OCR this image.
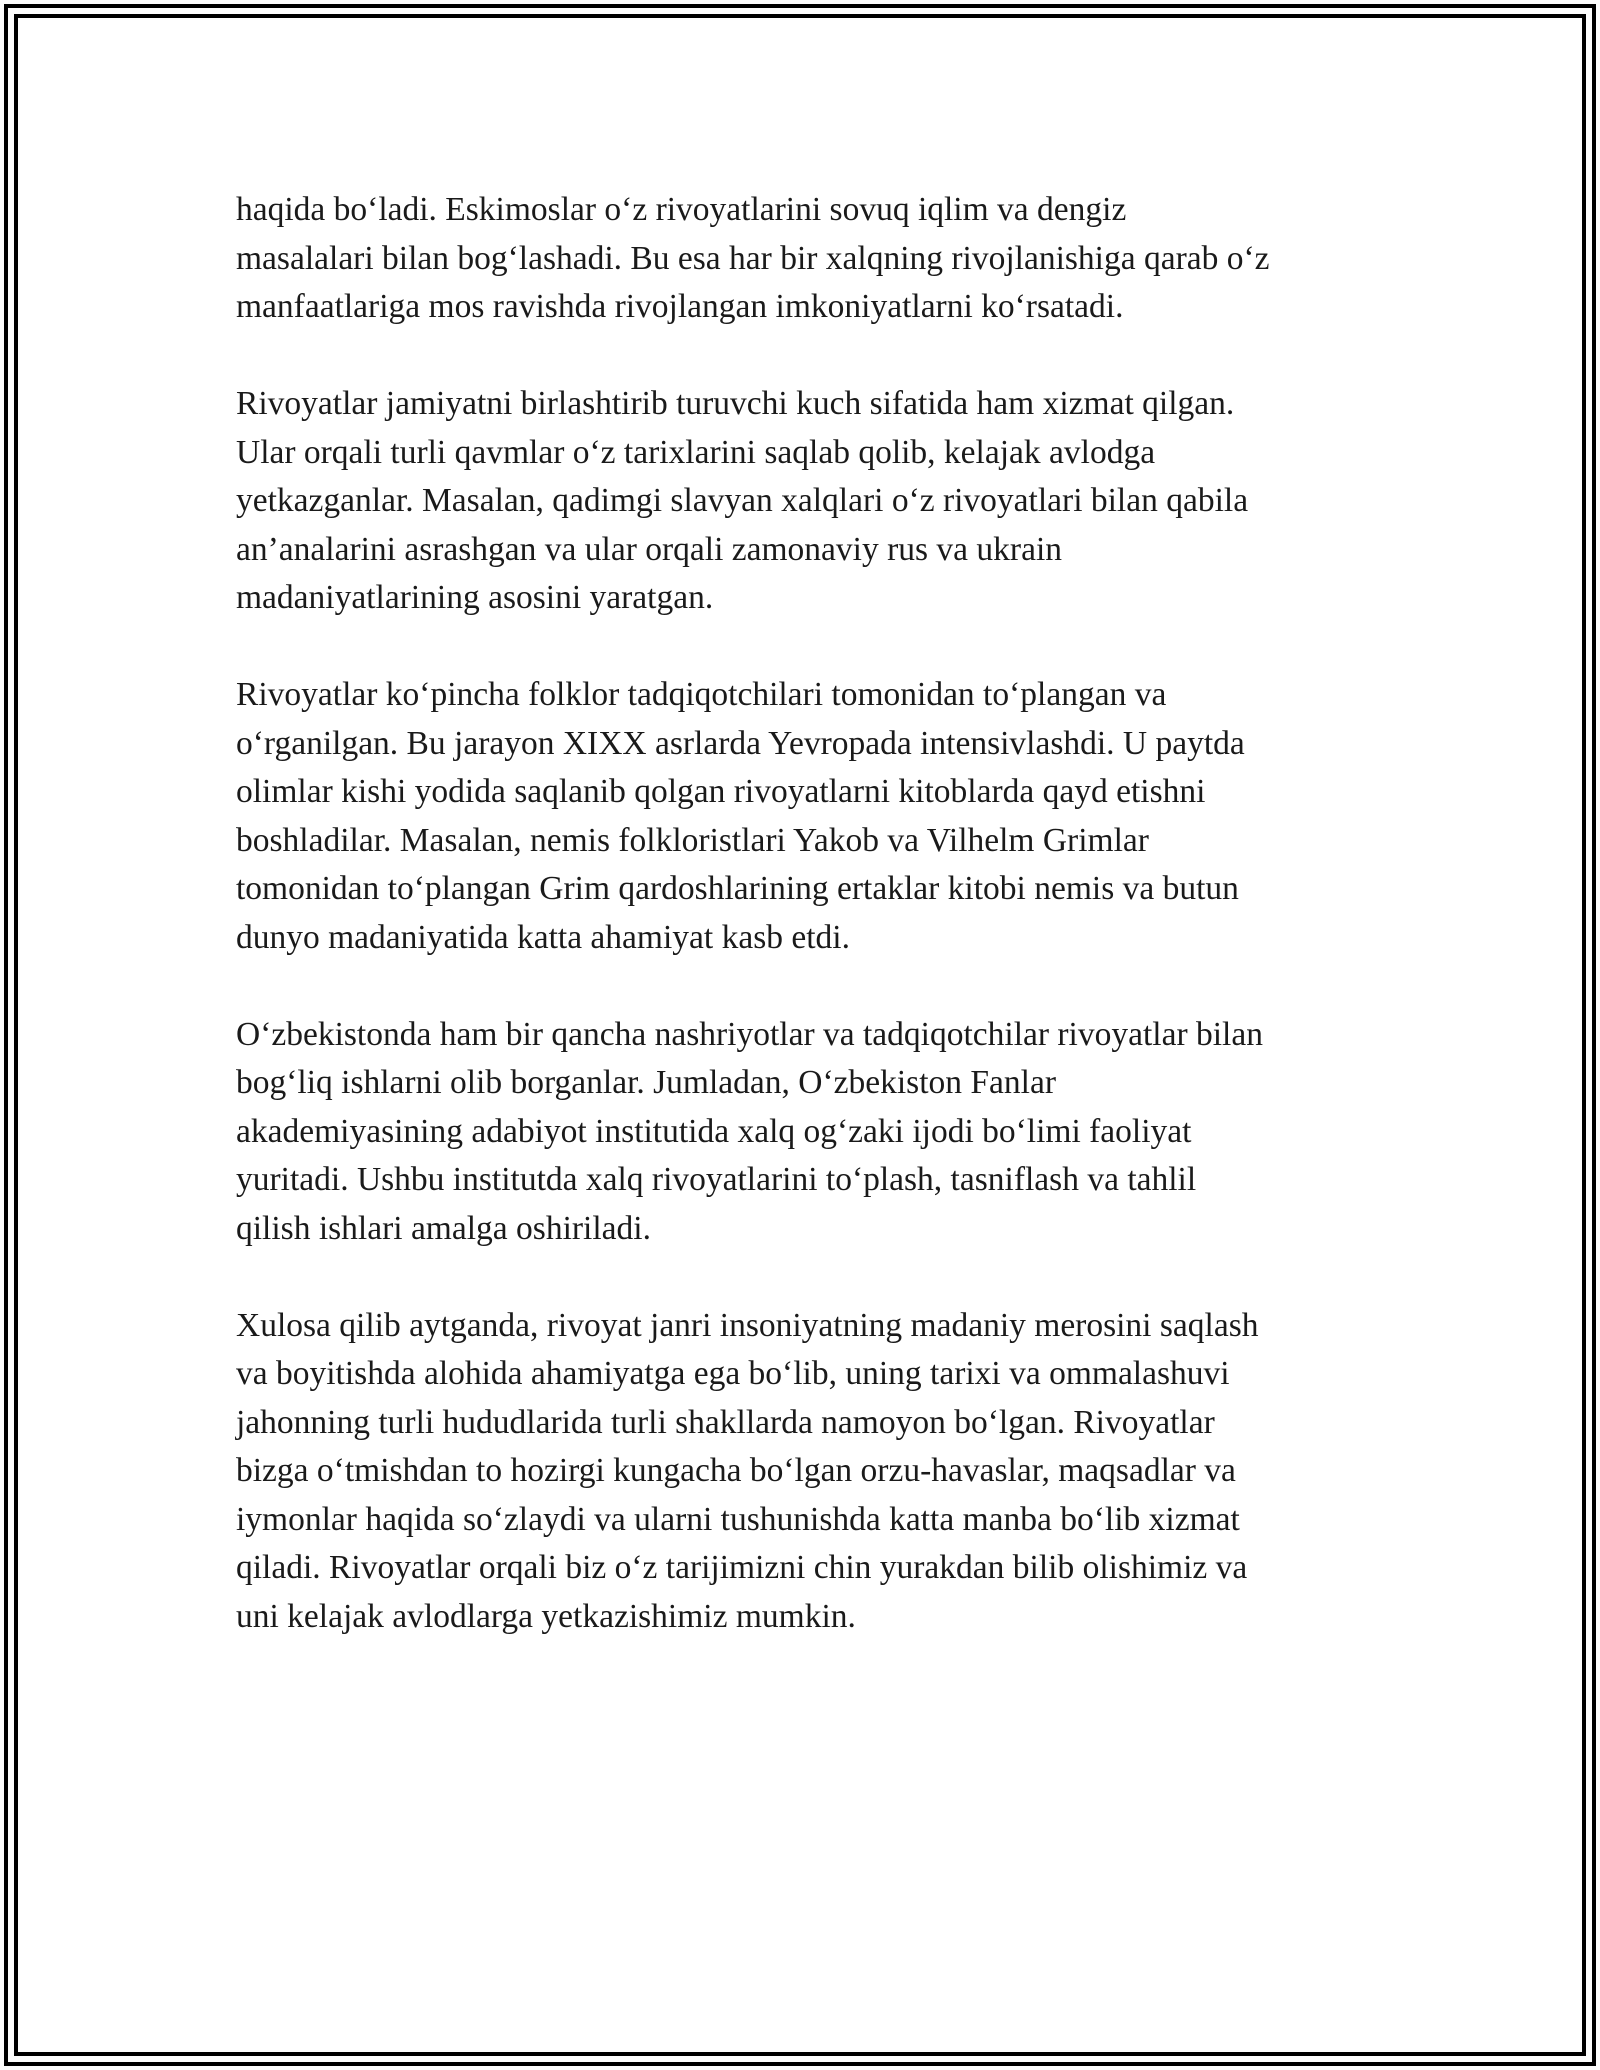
haqida bo‘ladi. Eskimoslar o‘z rivoyatlarini sovuq iqlim va dengiz
masalalari bilan bog‘lashadi. Bu esa har bir xalqning rivojlanishiga qarab o‘z
manfaatlariga mos ravishda rivojlangan imkoniyatlarni ko‘rsatadi.

Rivoyatlar jamiyatni birlashtirib turuvchi kuch sifatida ham xizmat qilgan.
Ular orqali turli qavmlar o‘z tarixlarini saqlab qolib, kelajak avlodga
yetkazganlar. Masalan, qadimgi slavyan xalqlari o‘z rivoyatlari bilan qabila
an’analarini asrashgan va ular orqali zamonaviy rus va ukrain
madaniyatlarining asosini yaratgan.

Rivoyatlar ko‘pincha folklor tadqiqotchilari tomonidan to‘plangan va
o‘rganilgan. Bu jarayon XIXX asrlarda Yevropada intensivlashdi. U paytda
olimlar kishi yodida saqlanib qolgan rivoyatlarni kitoblarda qayd etishni
boshladilar. Masalan, nemis folkloristlari Yakob va Vilhelm Grimlar
tomonidan to‘plangan Grim qardoshlarining ertaklar kitobi nemis va butun
dunyo madaniyatida katta ahamiyat kasb etdi.

O‘zbekistonda ham bir qancha nashriyotlar va tadqiqotchilar rivoyatlar bilan
bog‘liq ishlarni olib borganlar. Jumladan, O‘zbekiston Fanlar
akademiyasining adabiyot institutida xalq og‘zaki ijodi bo‘limi faoliyat
yuritadi. Ushbu institutda xalq rivoyatlarini to‘plash, tasniflash va tahlil
qilish ishlari amalga oshiriladi.

Xulosa qilib aytganda, rivoyat janri insoniyatning madaniy merosini saqlash
va boyitishda alohida ahamiyatga ega bo‘lib, uning tarixi va ommalashuvi
jahonning turli hududlarida turli shakllarda namoyon bo‘lgan. Rivoyatlar
bizga o‘tmishdan to hozirgi kungacha bo‘lgan orzu-havaslar, maqsadlar va
iymonlar haqida so‘zlaydi va ularni tushunishda katta manba bo‘lib xizmat
qiladi. Rivoyatlar orqali biz o‘z tarijimizni chin yurakdan bilib olishimiz va
uni kelajak avlodlarga yetkazishimiz mumkin.
